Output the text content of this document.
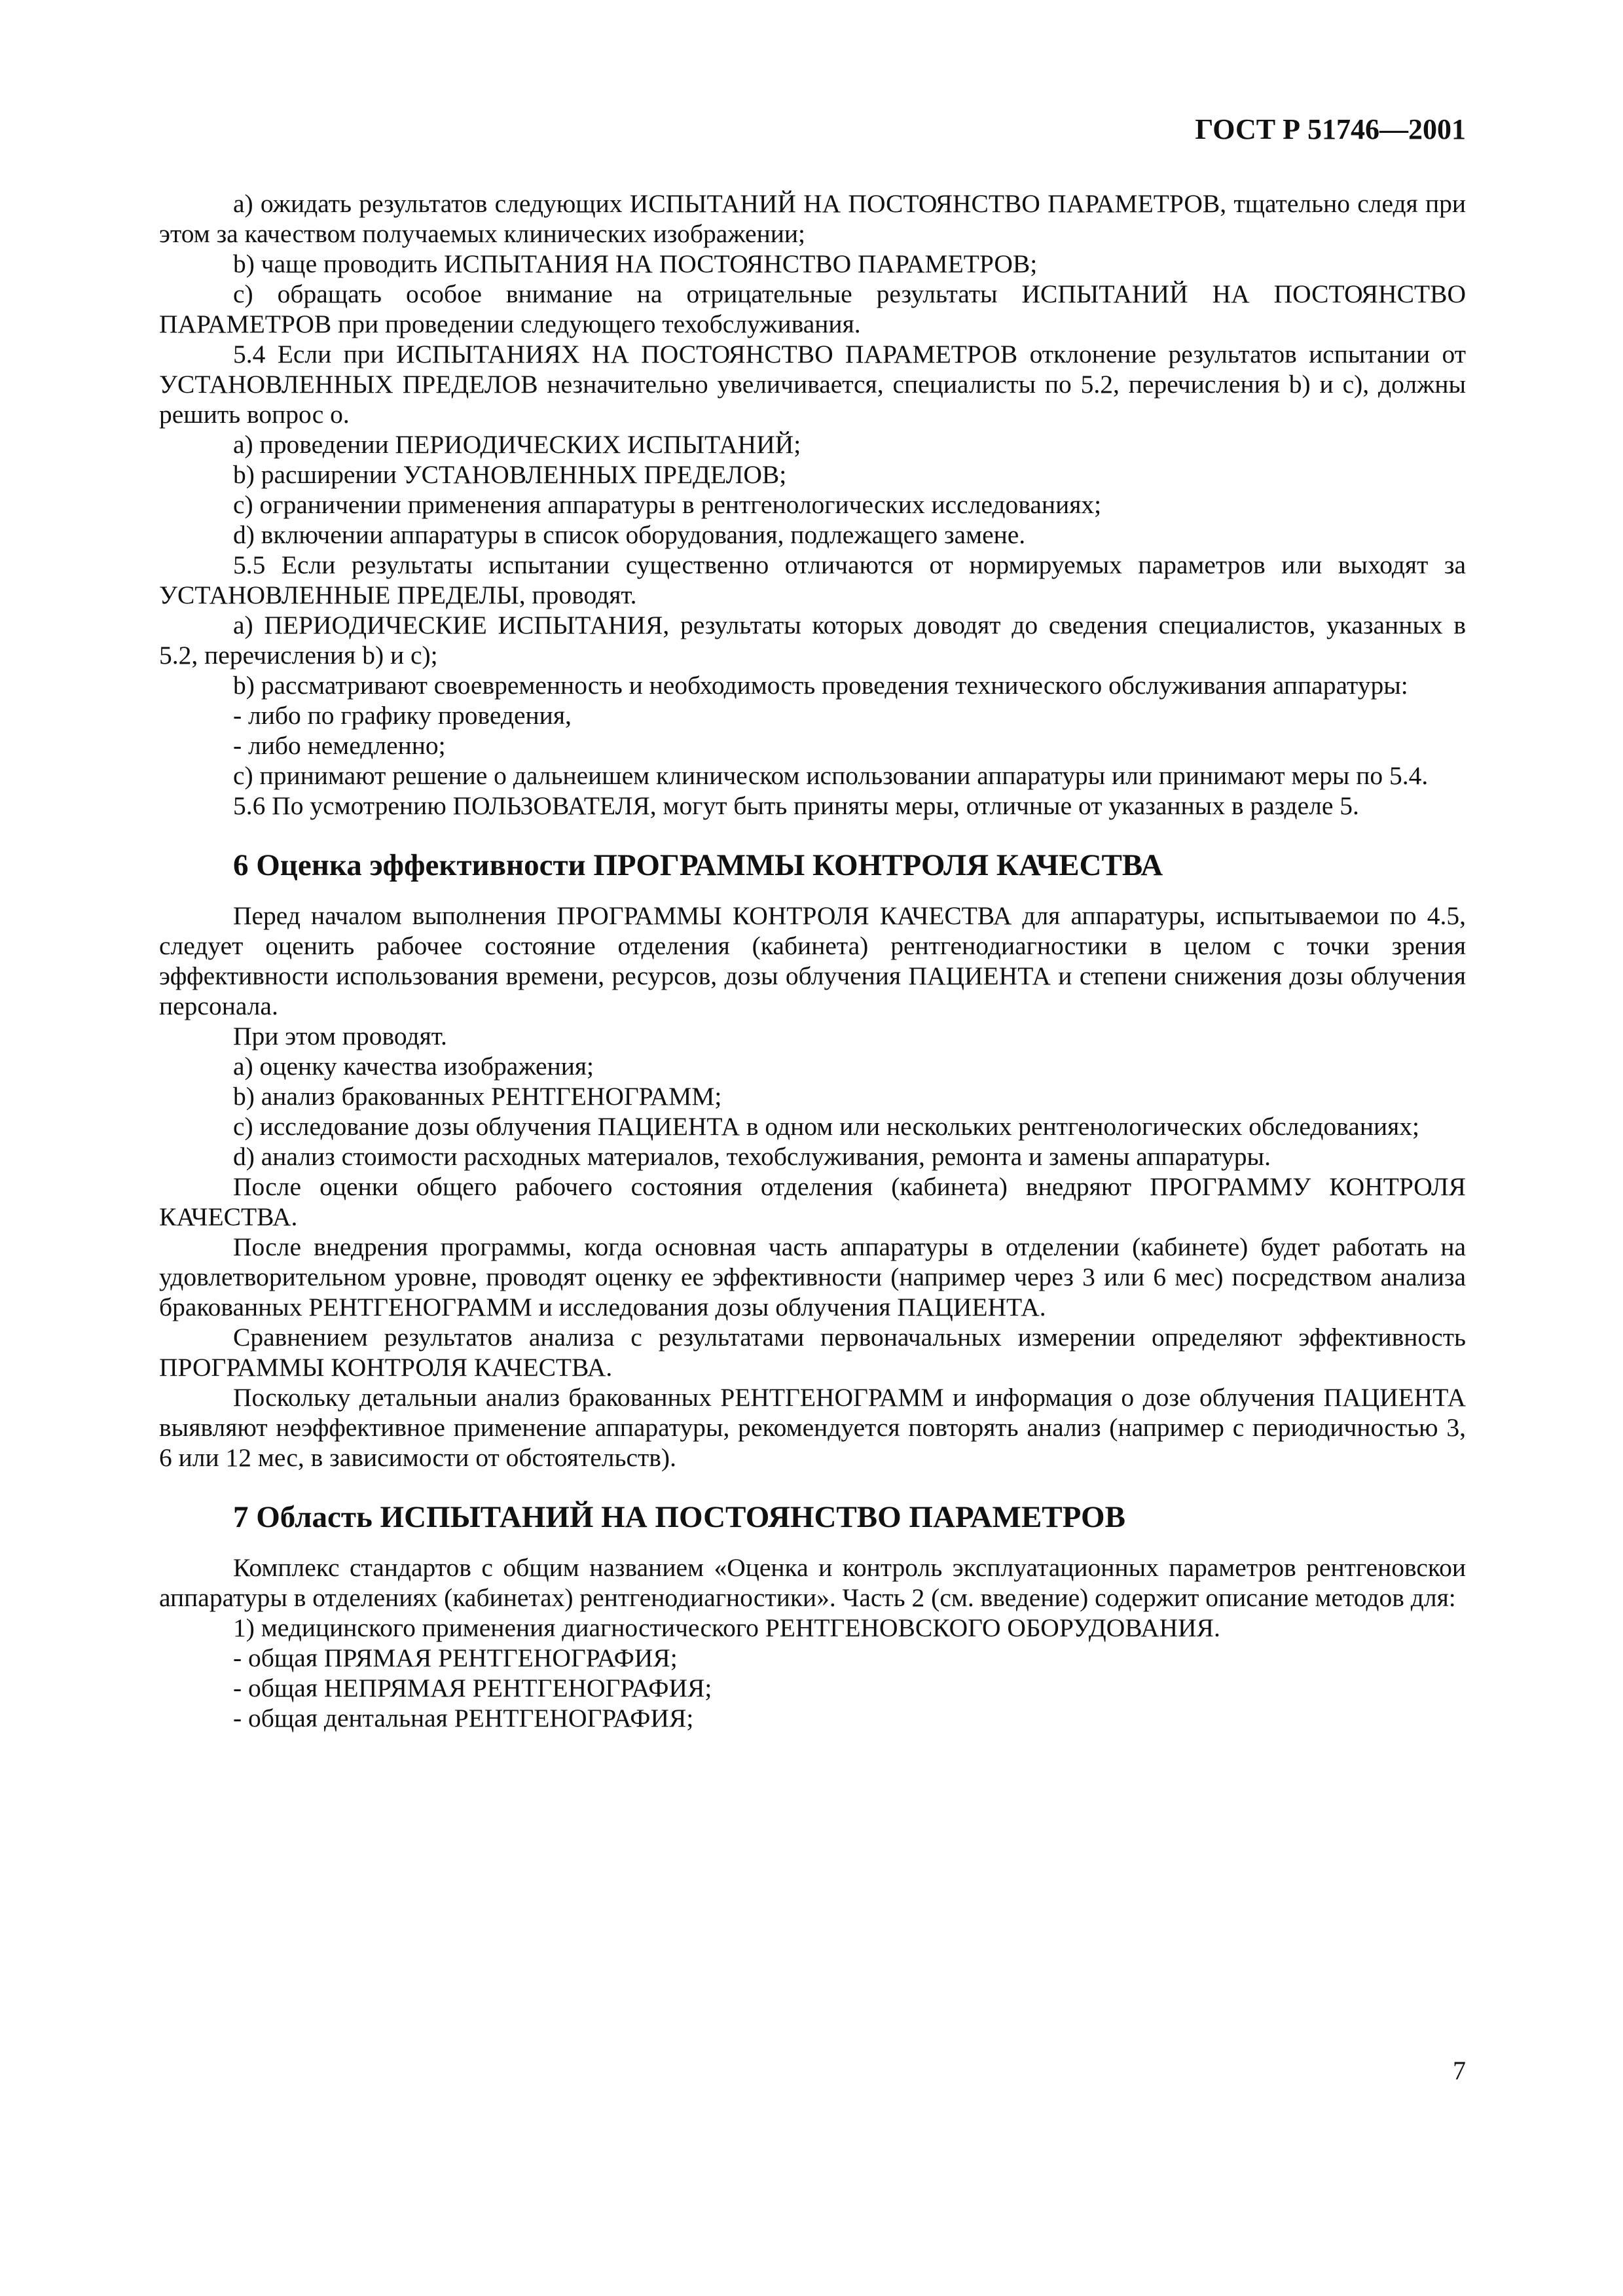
ГОСТ Р 51746—2001

a) ожидать результатов следующих ИСПЫТАНИЙ НА ПОСТОЯНСТВО ПАРАМЕТРОВ, тщательно следя при этом за качеством получаемых клинических изображении;

b) чаще проводить ИСПЫТАНИЯ НА ПОСТОЯНСТВО ПАРАМЕТРОВ;

c) обращать особое внимание на отрицательные результаты ИСПЫТАНИЙ НА ПОСТОЯНСТВО ПАРАМЕТРОВ при проведении следующего техобслуживания.

5.4 Если при ИСПЫТАНИЯХ НА ПОСТОЯНСТВО ПАРАМЕТРОВ отклонение результатов испытании от УСТАНОВЛЕННЫХ ПРЕДЕЛОВ незначительно увеличивается, специалисты по 5.2, перечисления b) и c), должны решить вопрос о.

a) проведении ПЕРИОДИЧЕСКИХ ИСПЫТАНИЙ;

b) расширении УСТАНОВЛЕННЫХ ПРЕДЕЛОВ;

c) ограничении применения аппаратуры в рентгенологических исследованиях;

d) включении аппаратуры в список оборудования, подлежащего замене.

5.5 Если результаты испытании существенно отличаются от нормируемых параметров или выходят за УСТАНОВЛЕННЫЕ ПРЕДЕЛЫ, проводят.

a) ПЕРИОДИЧЕСКИЕ ИСПЫТАНИЯ, результаты которых доводят до сведения специалистов, указанных в 5.2, перечисления b) и c);

b) рассматривают своевременность и необходимость проведения технического обслуживания аппаратуры:

- либо по графику проведения,

- либо немедленно;

c) принимают решение о дальнеишем клиническом использовании аппаратуры или принимают меры по 5.4.

5.6 По усмотрению ПОЛЬЗОВАТЕЛЯ, могут быть приняты меры, отличные от указанных в разделе 5.

6 Оценка эффективности ПРОГРАММЫ КОНТРОЛЯ КАЧЕСТВА

Перед началом выполнения ПРОГРАММЫ КОНТРОЛЯ КАЧЕСТВА для аппаратуры, испытываемои по 4.5, следует оценить рабочее состояние отделения (кабинета) рентгенодиагностики в целом с точки зрения эффективности использования времени, ресурсов, дозы облучения ПАЦИЕНТА и степени снижения дозы облучения персонала.

При этом проводят.

a) оценку качества изображения;

b) анализ бракованных РЕНТГЕНОГРАММ;

c) исследование дозы облучения ПАЦИЕНТА в одном или нескольких рентгенологических обследованиях;

d) анализ стоимости расходных материалов, техобслуживания, ремонта и замены аппаратуры.

После оценки общего рабочего состояния отделения (кабинета) внедряют ПРОГРАММУ КОНТРОЛЯ КАЧЕСТВА.

После внедрения программы, когда основная часть аппаратуры в отделении (кабинете) будет работать на удовлетворительном уровне, проводят оценку ее эффективности (например через 3 или 6 мес) посредством анализа бракованных РЕНТГЕНОГРАММ и исследования дозы облучения ПАЦИЕНТА.

Сравнением результатов анализа с результатами первоначальных измерении определяют эффективность ПРОГРАММЫ КОНТРОЛЯ КАЧЕСТВА.

Поскольку детальныи анализ бракованных РЕНТГЕНОГРАММ и информация о дозе облучения ПАЦИЕНТА выявляют неэффективное применение аппаратуры, рекомендуется повторять анализ (например с периодичностью 3, 6 или 12 мес, в зависимости от обстоятельств).

7 Область ИСПЫТАНИЙ НА ПОСТОЯНСТВО ПАРАМЕТРОВ

Комплекс стандартов с общим названием «Оценка и контроль эксплуатационных параметров рентгеновскои аппаратуры в отделениях (кабинетах) рентгенодиагностики». Часть 2 (см. введение) содержит описание методов для:

1) медицинского применения диагностического РЕНТГЕНОВСКОГО ОБОРУДОВАНИЯ.

- общая ПРЯМАЯ РЕНТГЕНОГРАФИЯ;

- общая НЕПРЯМАЯ РЕНТГЕНОГРАФИЯ;

- общая дентальная РЕНТГЕНОГРАФИЯ;

7
